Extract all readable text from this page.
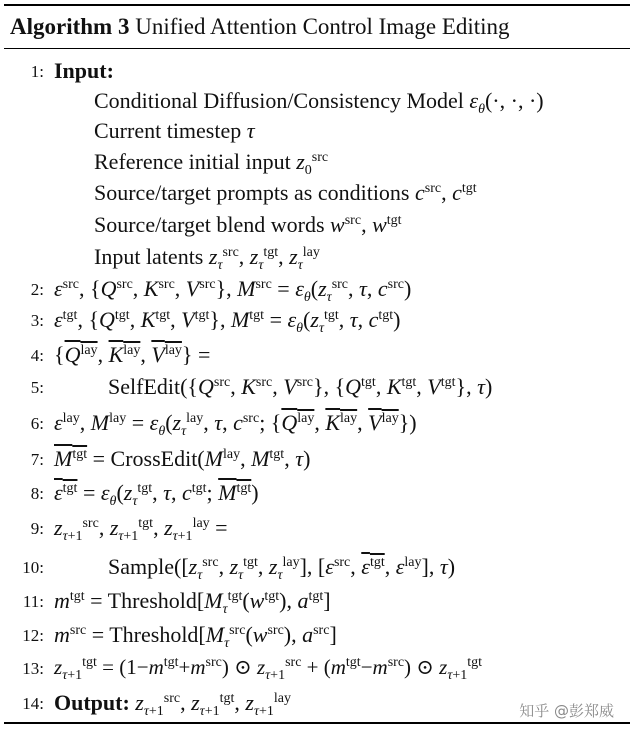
Algorithm 3 Unified Attention Control Image Editing
1: Input:
Conditional Diffusion/Consistency Model $\varepsilon_\theta(\cdot$, ·, ·)
Current timestep τ
Reference initial input $z_0^{src}$
Source/target prompts as conditions $c^{src}$, $c^{tgt}$
Source/target blend words $w^{src}$, $w^{tgt}$
Input latents $z_\tau^{src}$, $z_\tau^{tgt}$, $z_\tau^{lay}$
2: $\varepsilon^{src}$, {$Q^{src}$, $K^{src}$, $V^{src}$}, $M^{src} = \varepsilon_\theta(z_\tau^{src}$, τ, $c^{src}$)
3: $\varepsilon^{tgt}$, {$Q^{tgt}$, $K^{tgt}$, $V^{tgt}$}, $M^{tgt} = \varepsilon_\theta(z_\tau^{tgt}$, τ, $c^{tgt}$)
4: {$Q^{lay}$, $K^{lay}$, $V^{lay}$} =
5:	$SelfEdit(\{Q^{src}$, $K^{src}$, $V^{src}$}, {$Q^{tgt}$, $K^{tgt}$, $V^{tgt}$}, τ)
6: $\varepsilon^{lay}$, $M^{lay} = \varepsilon_\theta(z_\tau^{lay}$, τ, $c^{src}$; {$Q^{lay}$, $K^{lay}$, $V^{lay}$})
7: $M^{tgt}$ = $CrossEdit(M^{lay}$, $M^{tgt}$, τ)
8: $\varepsilon^{tgt} = \varepsilon_\theta(z_\tau^{tgt}$, τ, $c^{tgt}$; $M^{tgt}$)
9: $z_{\tau+1}^{src}$, $z_{\tau+1}^{tgt}$, $z_{\tau+1}^{lay}$ =
10:	$Sample([z_\tau^{src}$, $z_\tau^{tgt}$, $z_\tau^{lay}$], [$\varepsilon^{src}$, $\varepsilon^{tgt}$, $\varepsilon^{lay}$], τ)
11: $m^{tgt}$ = $Threshold[M_\tau^{tgt}(w^{tgt})$, $a^{tgt}$]
12: $m^{src}$ = $Threshold[M_\tau^{src}(w^{src})$, $a^{src}$]
13: $z_{\tau+1}^{tgt} = (1-m^{tgt}+m^{src})$ ⊙ $z_{\tau+1}^{src} + (m^{tgt}-m^{src})$ ⊙ $z_{\tau+1}^{tgt}$
14: Output: $z_{\tau+1}^{src}$, $z_{\tau+1}^{tgt}$, $z_{\tau+1}^{lay}$
知乎 @彭郑威
